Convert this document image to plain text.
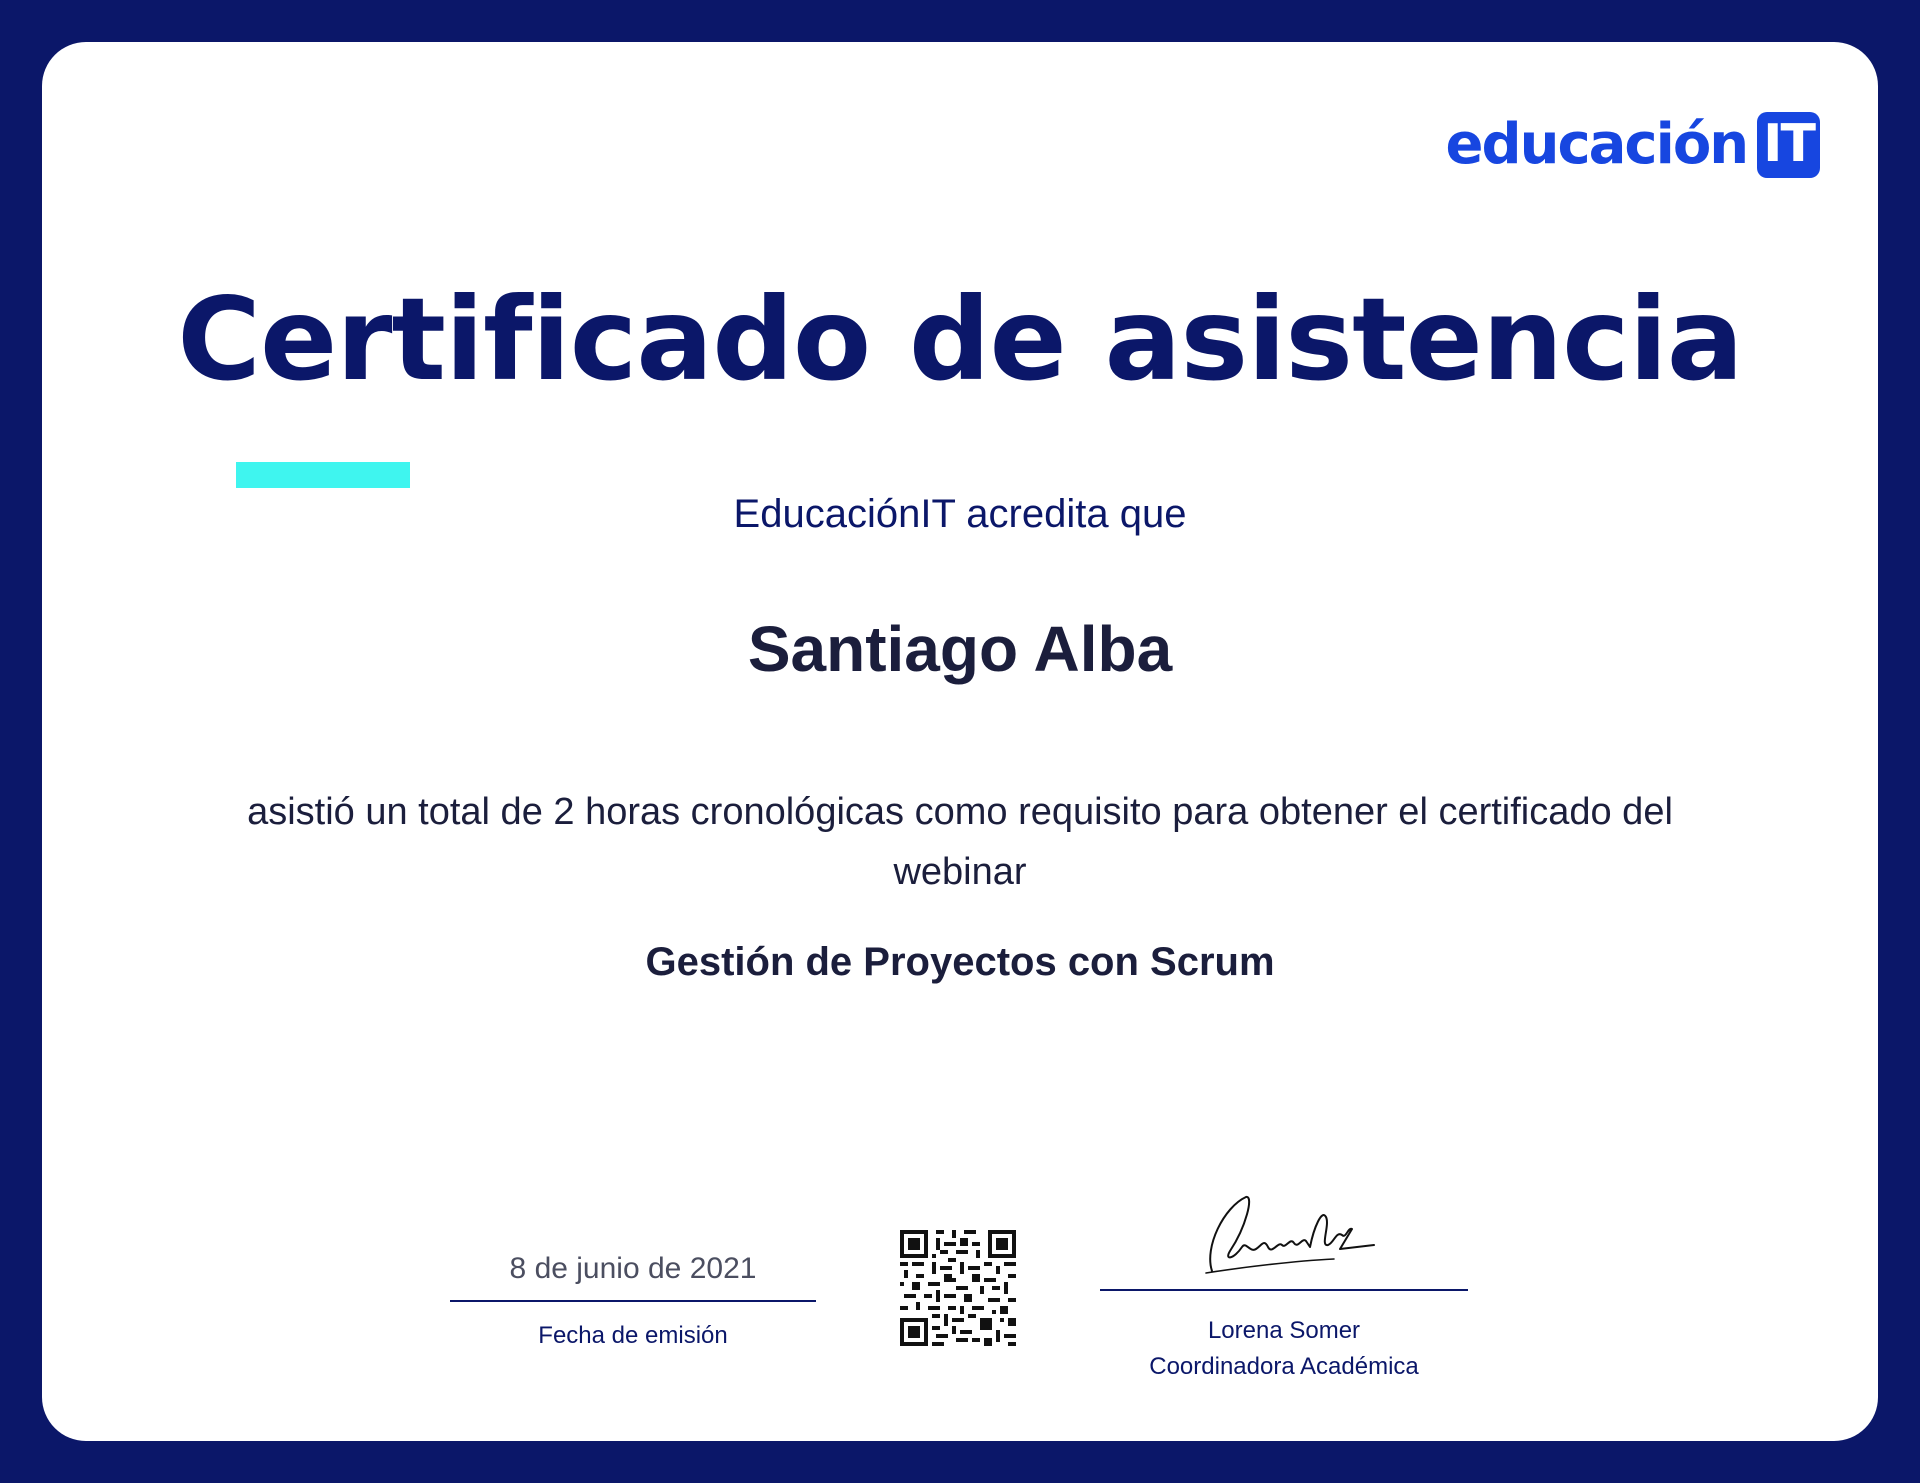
educación IT
Certificado de asistencia
EducaciónIT acredita que
Santiago Alba
asistió un total de 2 horas cronológicas como requisito para obtener el certificado del webinar
Gestión de Proyectos con Scrum
8 de junio de 2021
Fecha de emisión	Lorena Somer
Coordinadora Académica
